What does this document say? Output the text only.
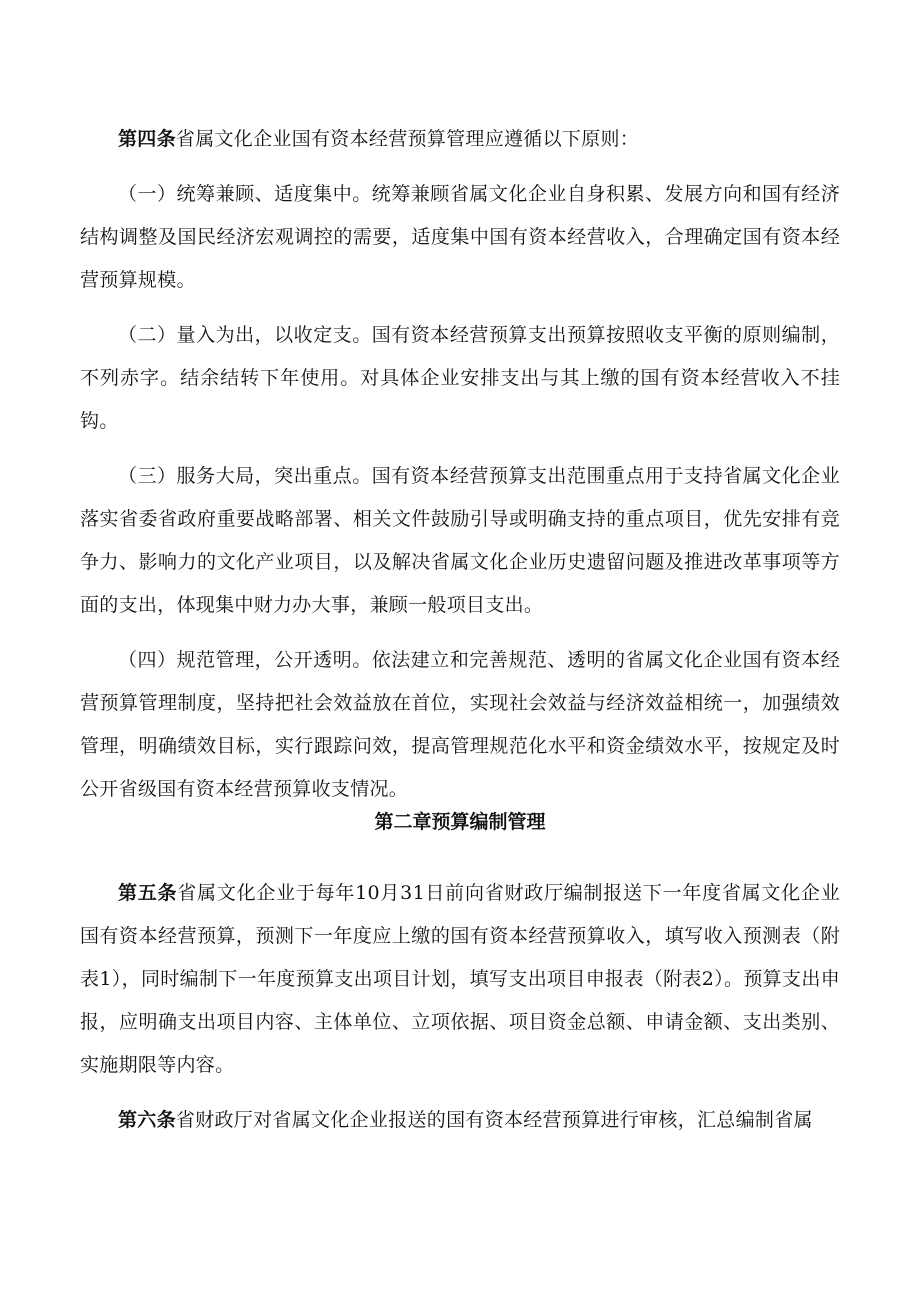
第四条省属文化企业国有资本经营预算管理应遵循以下原则：

（一）统筹兼顾、适度集中。统筹兼顾省属文化企业自身积累、发展方向和国有经济结构调整及国民经济宏观调控的需要，适度集中国有资本经营收入，合理确定国有资本经营预算规模。

（二）量入为出，以收定支。国有资本经营预算支出预算按照收支平衡的原则编制，不列赤字。结余结转下年使用。对具体企业安排支出与其上缴的国有资本经营收入不挂钩。

（三）服务大局，突出重点。国有资本经营预算支出范围重点用于支持省属文化企业落实省委省政府重要战略部署、相关文件鼓励引导或明确支持的重点项目，优先安排有竞争力、影响力的文化产业项目，以及解决省属文化企业历史遗留问题及推进改革事项等方面的支出，体现集中财力办大事，兼顾一般项目支出。

（四）规范管理，公开透明。依法建立和完善规范、透明的省属文化企业国有资本经营预算管理制度，坚持把社会效益放在首位，实现社会效益与经济效益相统一，加强绩效管理，明确绩效目标，实行跟踪问效，提高管理规范化水平和资金绩效水平，按规定及时公开省级国有资本经营预算收支情况。

第二章预算编制管理

第五条省属文化企业于每年10月31日前向省财政厅编制报送下一年度省属文化企业国有资本经营预算，预测下一年度应上缴的国有资本经营预算收入，填写收入预测表（附表1），同时编制下一年度预算支出项目计划，填写支出项目申报表（附表2）。预算支出申报，应明确支出项目内容、主体单位、立项依据、项目资金总额、申请金额、支出类别、实施期限等内容。

第六条省财政厅对省属文化企业报送的国有资本经营预算进行审核，汇总编制省属
